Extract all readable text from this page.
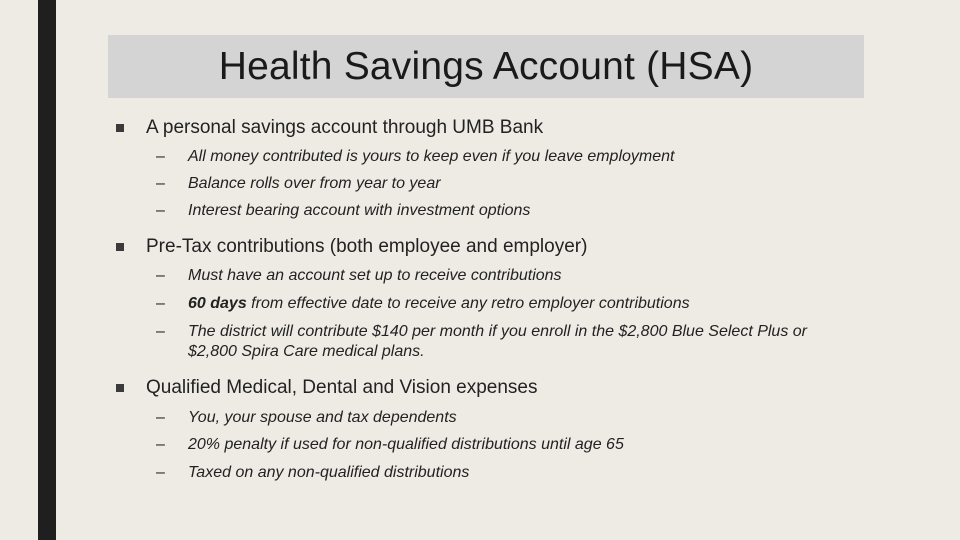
Health Savings Account (HSA)
A personal savings account through UMB Bank
–	All money contributed is yours to keep even if you leave employment
–	Balance rolls over from year to year
–	Interest bearing account with investment options
Pre-Tax contributions (both employee and employer)
–	Must have an account set up to receive contributions
–	60 days from effective date to receive any retro employer contributions
–	The district will contribute $140 per month if you enroll in the $2,800 Blue Select Plus or $2,800 Spira Care medical plans.
Qualified Medical, Dental and Vision expenses
–	You, your spouse and tax dependents
–	20% penalty if used for non-qualified distributions until age 65
–	Taxed on any non-qualified distributions
